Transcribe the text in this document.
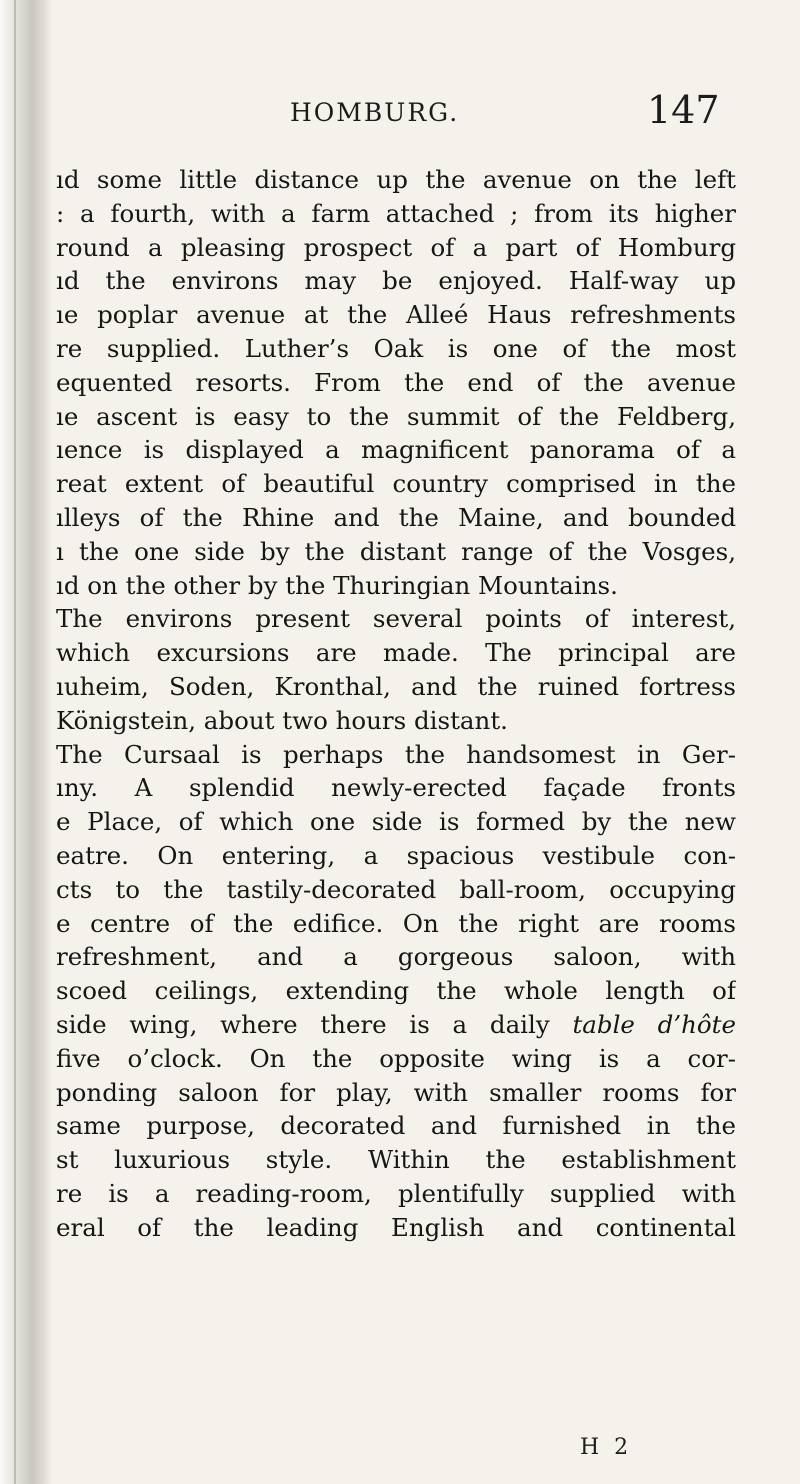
HOMBURG.	147
ıd some little distance up the avenue on the left
: a fourth, with a farm attached ; from its higher
round a pleasing prospect of a part of Homburg
ıd the environs may be enjoyed. Half-way up
ıe poplar avenue at the Alleé Haus refreshments
re supplied. Luther’s Oak is one of the most
equented resorts. From the end of the avenue
ıe ascent is easy to the summit of the Feldberg,
ıence is displayed a magnificent panorama of a
reat extent of beautiful country comprised in the
ılleys of the Rhine and the Maine, and bounded
ı the one side by the distant range of the Vosges,
ıd on the other by the Thuringian Mountains.
The environs present several points of interest,
which excursions are made. The principal are
ıuheim, Soden, Kronthal, and the ruined fortress
Königstein, about two hours distant.
The Cursaal is perhaps the handsomest in Ger-
ıny. A splendid newly-erected façade fronts
e Place, of which one side is formed by the new
eatre. On entering, a spacious vestibule con-
cts to the tastily-decorated ball-room, occupying
e centre of the edifice. On the right are rooms
refreshment, and a gorgeous saloon, with
scoed ceilings, extending the whole length of
side wing, where there is a daily table d’hôte
five o’clock. On the opposite wing is a cor-
ponding saloon for play, with smaller rooms for
same purpose, decorated and furnished in the
st luxurious style. Within the establishment
re is a reading-room, plentifully supplied with
eral of the leading English and continental
H 2
